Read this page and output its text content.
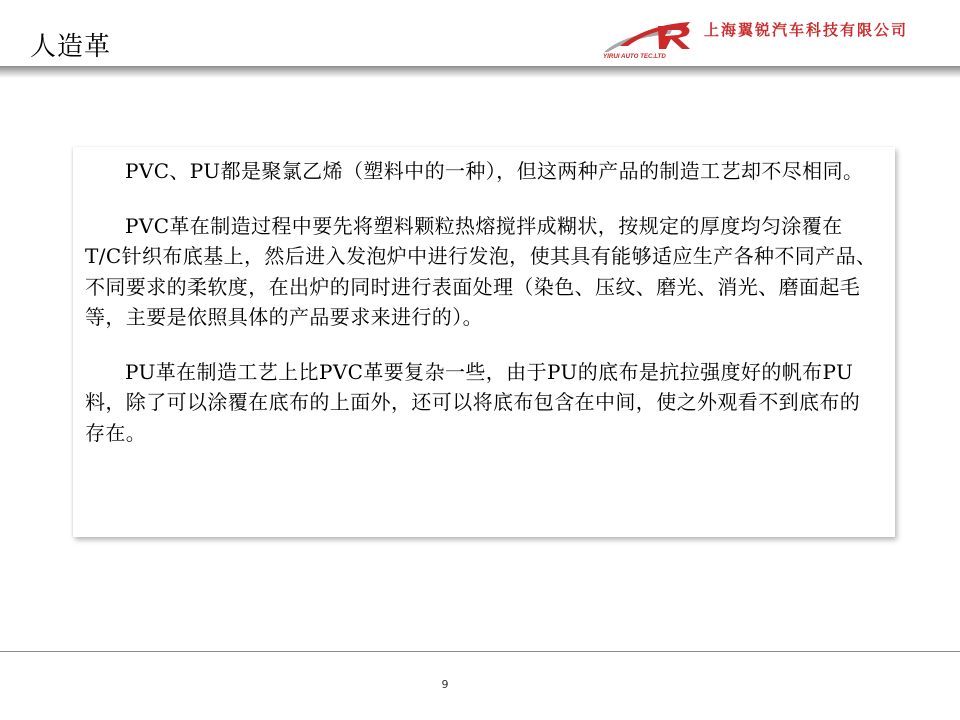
人造革	YIRUI AUTO TEC.LTD
上海翼锐汽车科技有限公司

PVC、PU都是聚氯乙烯（塑料中的一种），但这两种产品的制造工艺却不尽相同。

PVC革在制造过程中要先将塑料颗粒热熔搅拌成糊状，按规定的厚度均匀涂覆在T/C针织布底基上，然后进入发泡炉中进行发泡，使其具有能够适应生产各种不同产品、不同要求的柔软度，在出炉的同时进行表面处理（染色、压纹、磨光、消光、磨面起毛等，主要是依照具体的产品要求来进行的）。

PU革在制造工艺上比PVC革要复杂一些，由于PU的底布是抗拉强度好的帆布PU料，除了可以涂覆在底布的上面外，还可以将底布包含在中间，使之外观看不到底布的存在。

9
